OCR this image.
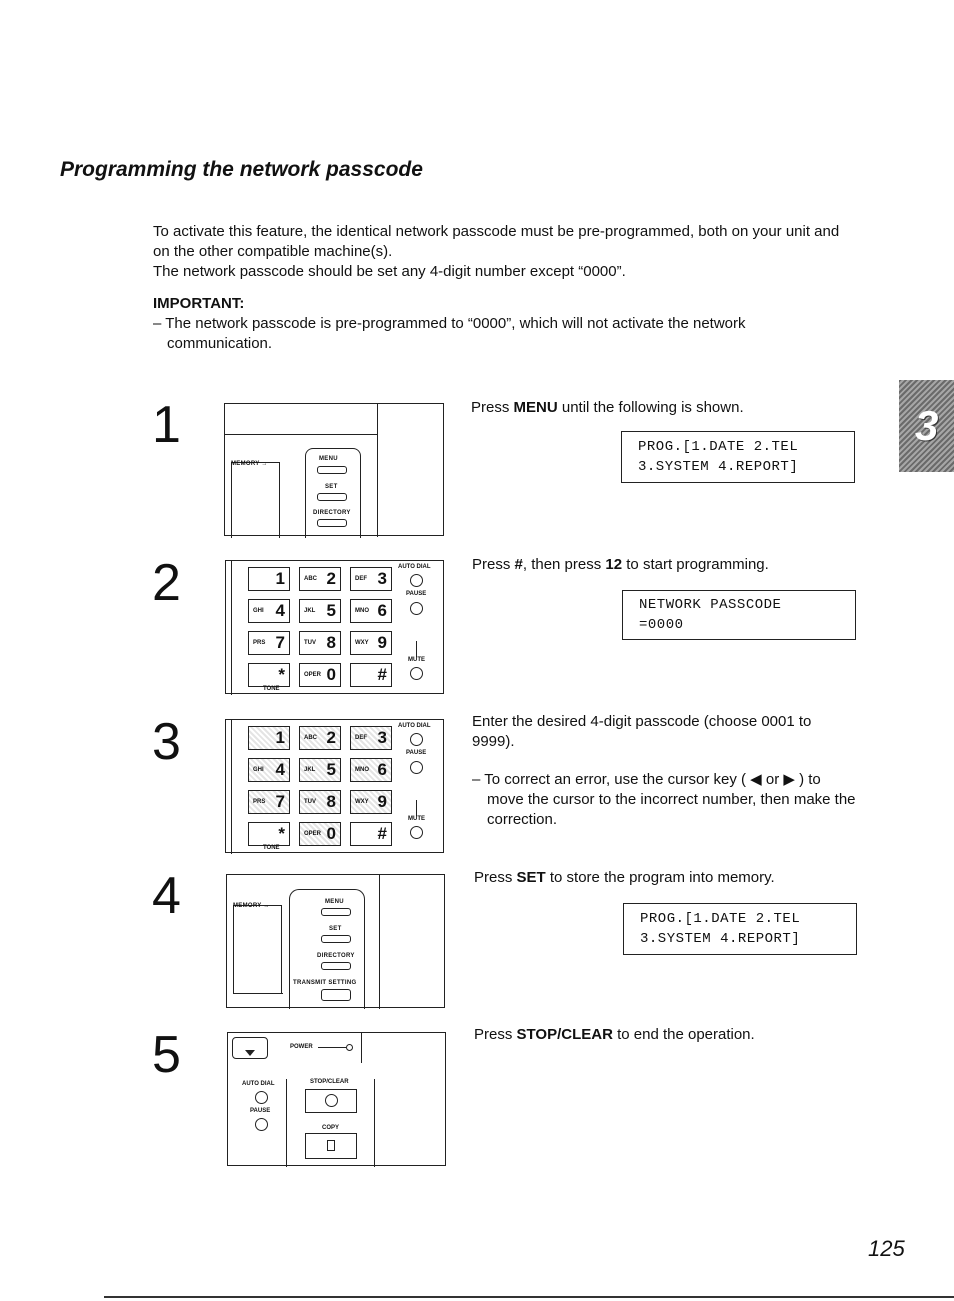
Programming the network passcode

To activate this feature, the identical network passcode must be pre-programmed, both on your unit and on the other compatible machine(s).

The network passcode should be set any 4-digit number except “0000”.

IMPORTANT:

– The network passcode is pre-programmed to “0000”, which will not activate the network communication.

3
1
MEMORY →
MENU
SET
DIRECTORY
Press MENU until the following is shown.
PROG.[1.DATE 2.TEL
3.SYSTEM 4.REPORT]
2	1	ABC 2	DEF 3
GHI 4	JKL 5	MNO 6
PRS 7	TUV 8	WXY 9
*	OPER 0 #
AUTO DIAL
PAUSE
MUTE
TONE
Press #, then press 12 to start programming.
NETWORK PASSCODE
=0000
3	1	ABC 2	DEF 3
GHI 4	JKL 5	MNO 6
PRS 7	TUV 8	WXY 9
*	OPER 0 #
AUTO DIAL
PAUSE
MUTE
TONE
Enter the desired 4-digit passcode (choose 0001 to 9999).
– To correct an error, use the cursor key ( ◀ or ▶ ) to move the cursor to the incorrect number, then make the correction.
4	MEMORY →
MENU
SET
DIRECTORY
TRANSMIT SETTING
Press SET to store the program into memory.
PROG.[1.DATE 2.TEL
3.SYSTEM 4.REPORT]
5	POWER
AUTO DIAL
PAUSE
STOP/CLEAR
COPY
Press STOP/CLEAR to end the operation.
125
